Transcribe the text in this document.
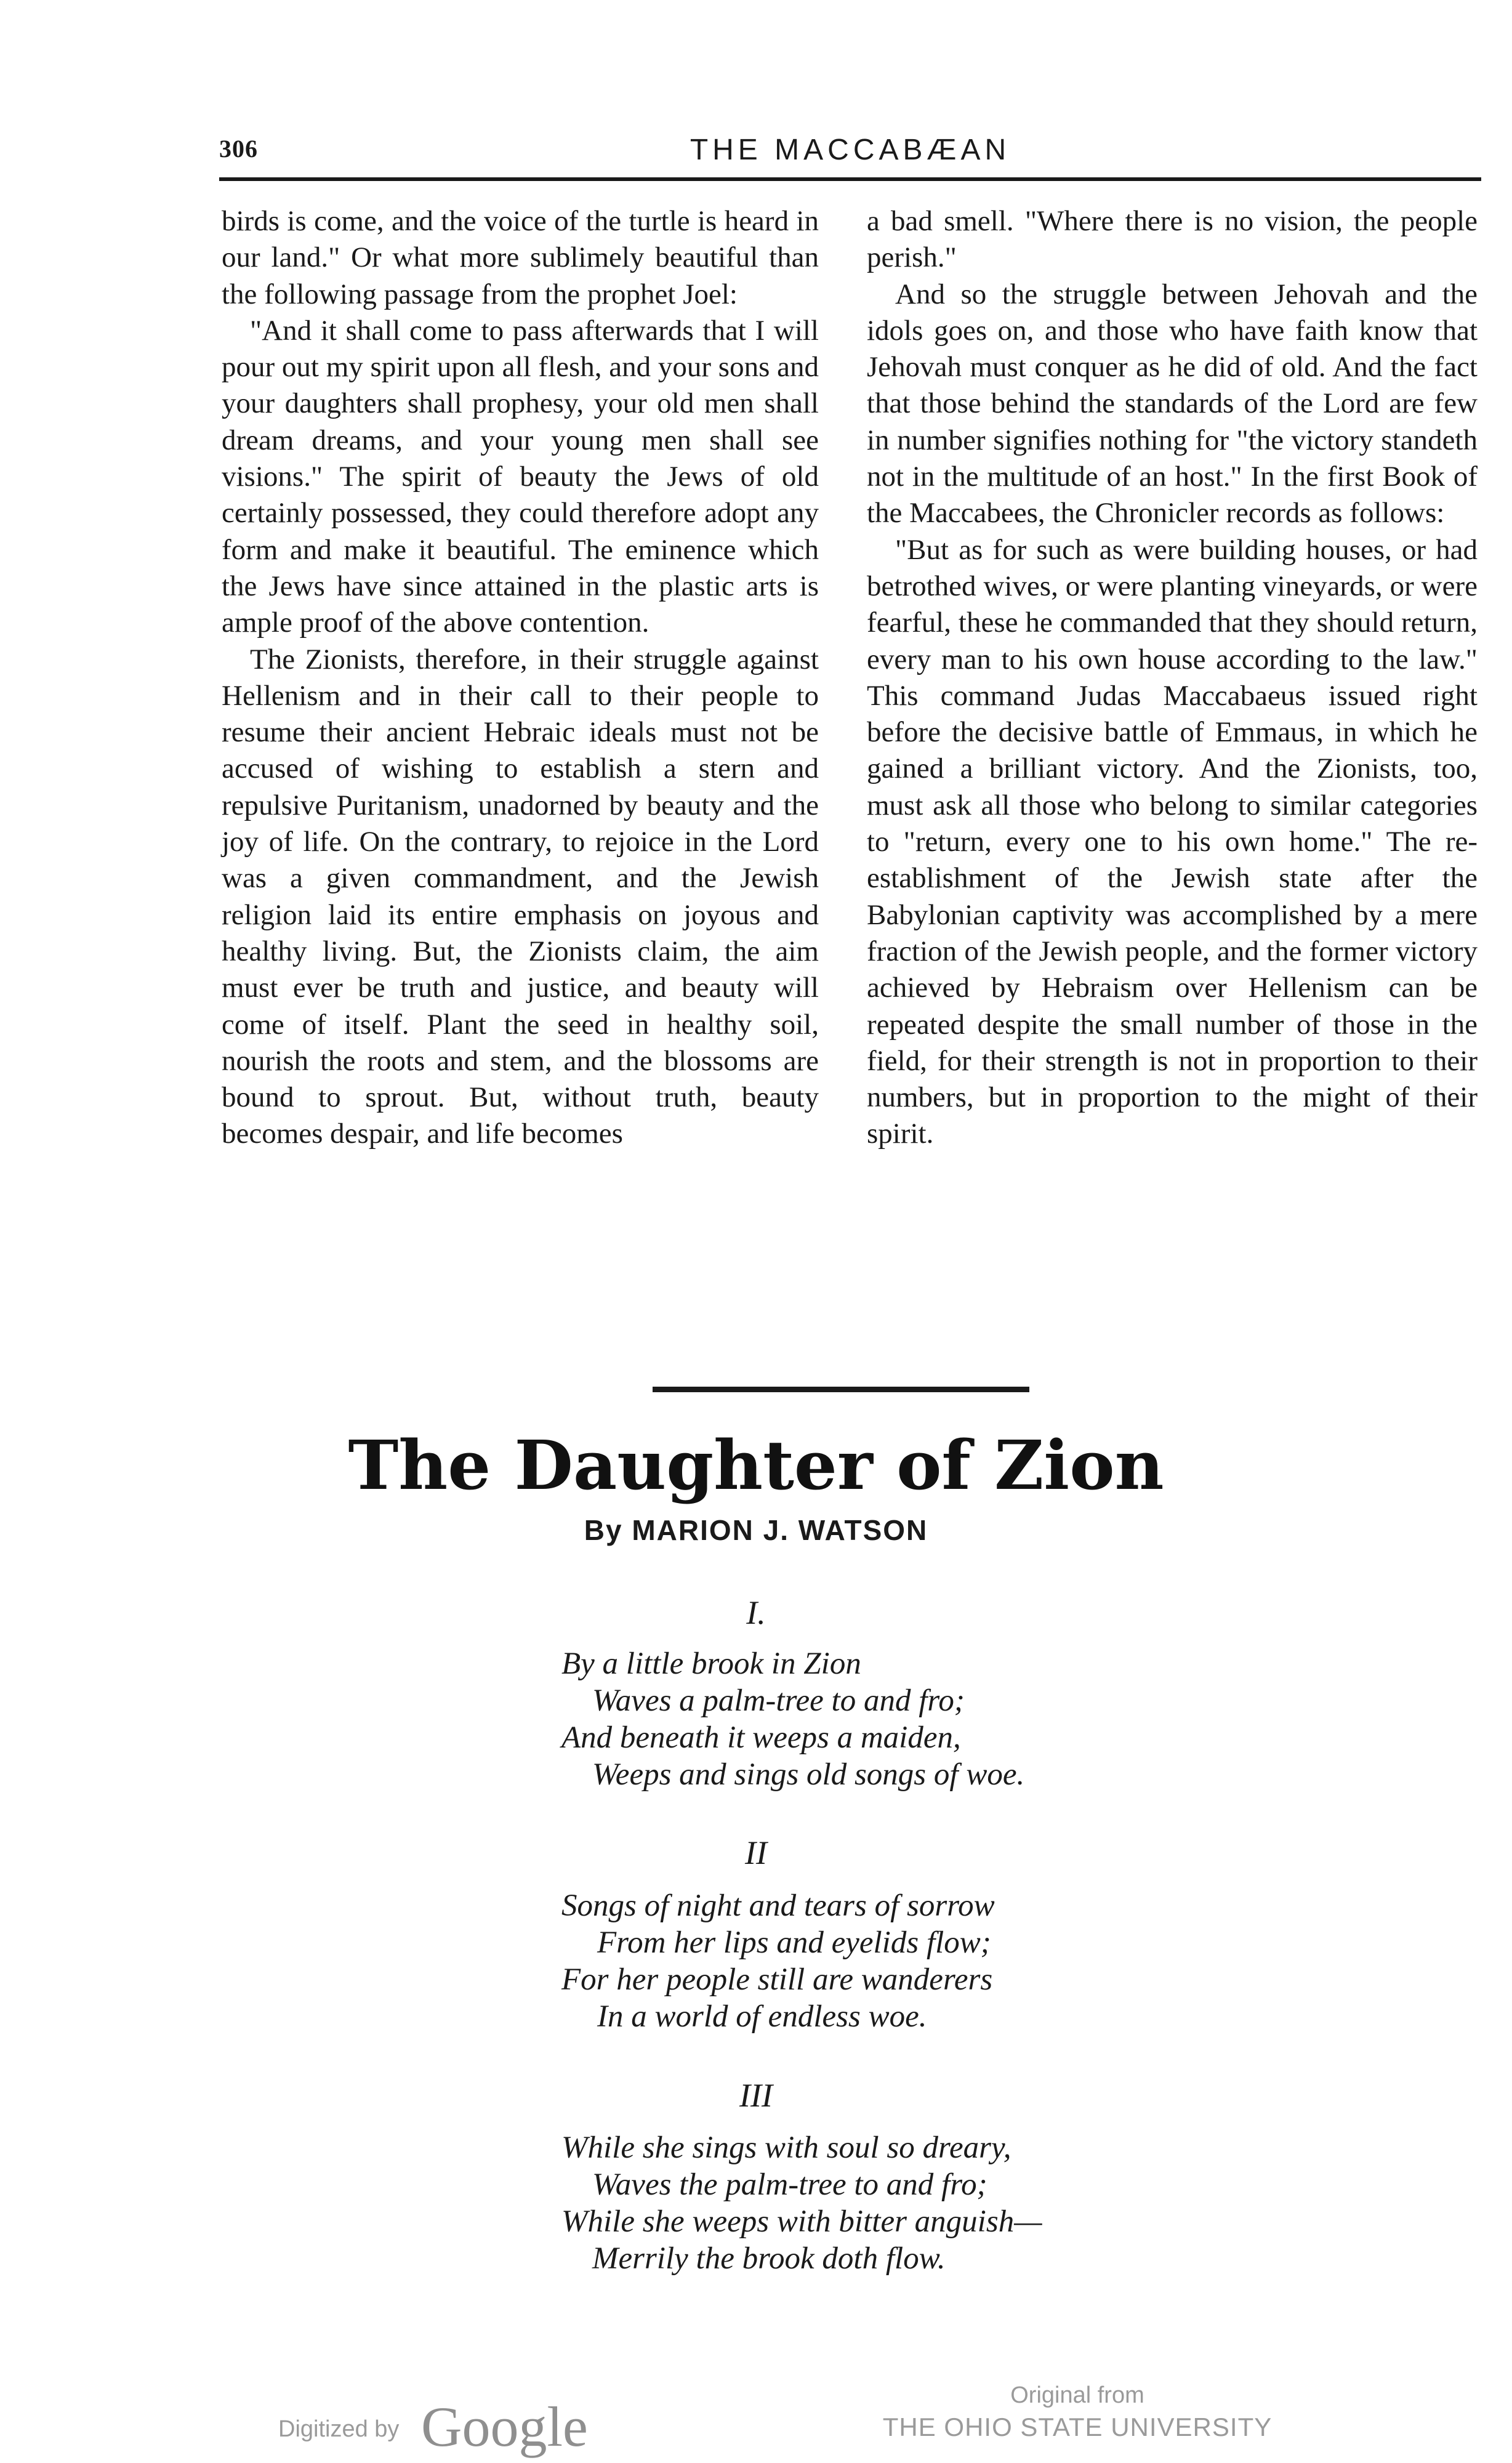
306	THE MACCABÆAN

birds is come, and the voice of the turtle is heard in our land." Or what more sublimely beautiful than the following passage from the prophet Joel:

"And it shall come to pass afterwards that I will pour out my spirit upon all flesh, and your sons and your daughters shall prophesy, your old men shall dream dreams, and your young men shall see visions." The spirit of beauty the Jews of old certainly possessed, they could therefore adopt any form and make it beautiful. The eminence which the Jews have since attained in the plastic arts is ample proof of the above contention.

The Zionists, therefore, in their struggle against Hellenism and in their call to their people to resume their ancient Hebraic ideals must not be accused of wishing to establish a stern and repulsive Puritanism, unadorned by beauty and the joy of life. On the contrary, to rejoice in the Lord was a given commandment, and the Jewish religion laid its entire emphasis on joyous and healthy living. But, the Zionists claim, the aim must ever be truth and justice, and beauty will come of itself. Plant the seed in healthy soil, nourish the roots and stem, and the blossoms are bound to sprout. But, without truth, beauty becomes despair, and life becomes

a bad smell. "Where there is no vision, the people perish."

And so the struggle between Jehovah and the idols goes on, and those who have faith know that Jehovah must conquer as he did of old. And the fact that those behind the standards of the Lord are few in number signifies nothing for "the victory standeth not in the multitude of an host." In the first Book of the Maccabees, the Chronicler records as follows:

"But as for such as were building houses, or had betrothed wives, or were planting vineyards, or were fearful, these he commanded that they should return, every man to his own house according to the law." This command Judas Maccabaeus issued right before the decisive battle of Emmaus, in which he gained a brilliant victory. And the Zionists, too, must ask all those who belong to similar categories to "return, every one to his own home." The re-establishment of the Jewish state after the Babylonian captivity was accomplished by a mere fraction of the Jewish people, and the former victory achieved by Hebraism over Hellenism can be repeated despite the small number of those in the field, for their strength is not in proportion to their numbers, but in proportion to the might of their spirit.

The Daughter of Zion
By MARION J. WATSON
I.
By a little brook in Zion
Waves a palm-tree to and fro;
And beneath it weeps a maiden,
Weeps and sings old songs of woe.
II
Songs of night and tears of sorrow
From her lips and eyelids flow;
For her people still are wanderers
In a world of endless woe.
III
While she sings with soul so dreary,
Waves the palm-tree to and fro;
While she weeps with bitter anguish—
Merrily the brook doth flow.
Digitized by Google	Original from
THE OHIO STATE UNIVERSITY
